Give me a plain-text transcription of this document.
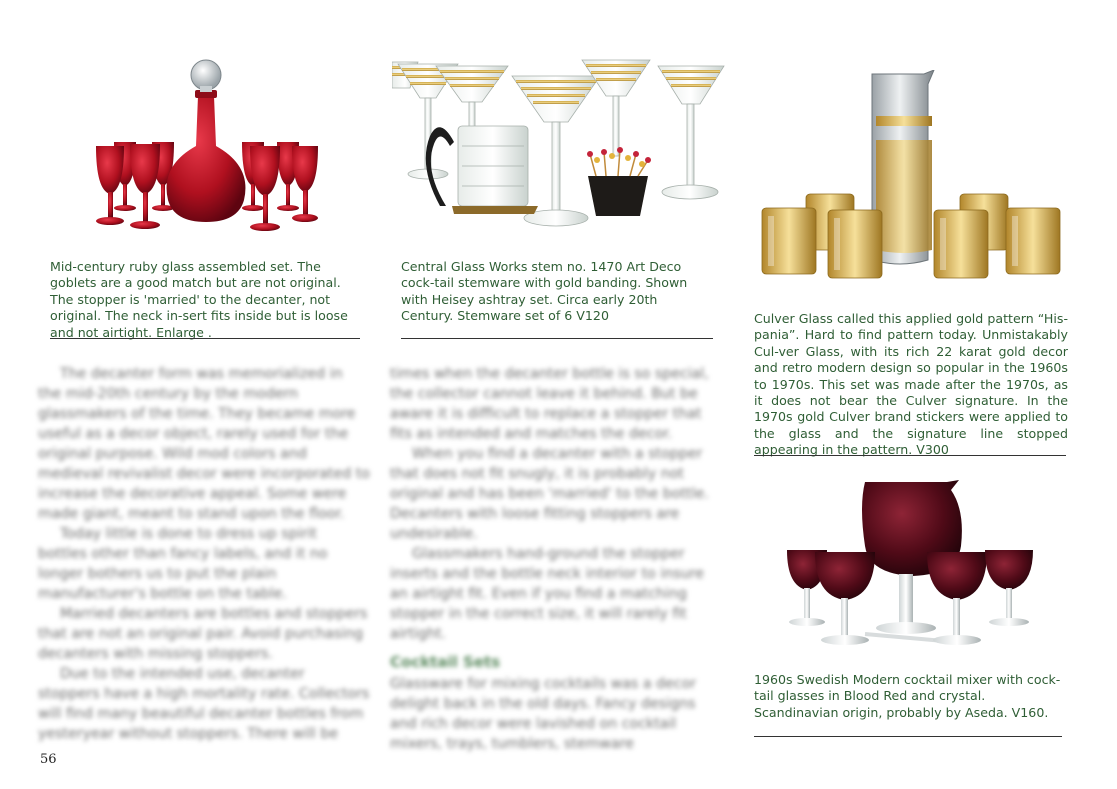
Mid-century ruby glass assembled set. The goblets are a good match but are not original. The stopper is 'married' to the decanter, not original. The neck in-sert fits inside but is loose and not airtight. Enlarge .

Central Glass Works stem no. 1470 Art Deco cock-tail stemware with gold banding. Shown with Heisey ashtray set. Circa early 20th Century. Stemware set of 6 V120	Culver Glass called this applied gold pattern “His-pania”. Hard to find pattern today. Unmistakably Cul-ver Glass, with its rich 22 karat gold decor and retro modern design so popular in the 1960s to 1970s. This set was made after the 1970s, as it does not bear the Culver signature. In the 1970s gold Culver brand stickers were applied to the glass and the signature line stopped appearing in the pattern. V300

1960s Swedish Modern cocktail mixer with cock-tail glasses in Blood Red and crystal. Scandinavian origin, probably by Aseda. V160.

The decanter form was memorialized in the mid-20th century by the modern glassmakers of the time. They became more useful as a decor object, rarely used for the original purpose. Wild mod colors and medieval revivalist decor were incorporated to increase the decorative appeal. Some were made giant, meant to stand upon the floor.

Today little is done to dress up spirit bottles other than fancy labels, and it no longer bothers us to put the plain manufacturer's bottle on the table.

Married decanters are bottles and stoppers that are not an original pair. Avoid purchasing decanters with missing stoppers.

Due to the intended use, decanter stoppers have a high mortality rate. Collectors will find many beautiful decanter bottles from yesteryear without stoppers. There will be

times when the decanter bottle is so special, the collector cannot leave it behind. But be aware it is difficult to replace a stopper that fits as intended and matches the decor.

When you find a decanter with a stopper that does not fit snugly, it is probably not original and has been 'married' to the bottle. Decanters with loose fitting stoppers are undesirable.

Glassmakers hand-ground the stopper inserts and the bottle neck interior to insure an airtight fit. Even if you find a matching stopper in the correct size, it will rarely fit airtight.

Cocktail Sets

Glassware for mixing cocktails was a decor delight back in the old days. Fancy designs and rich decor were lavished on cocktail mixers, trays, tumblers, stemware

56
